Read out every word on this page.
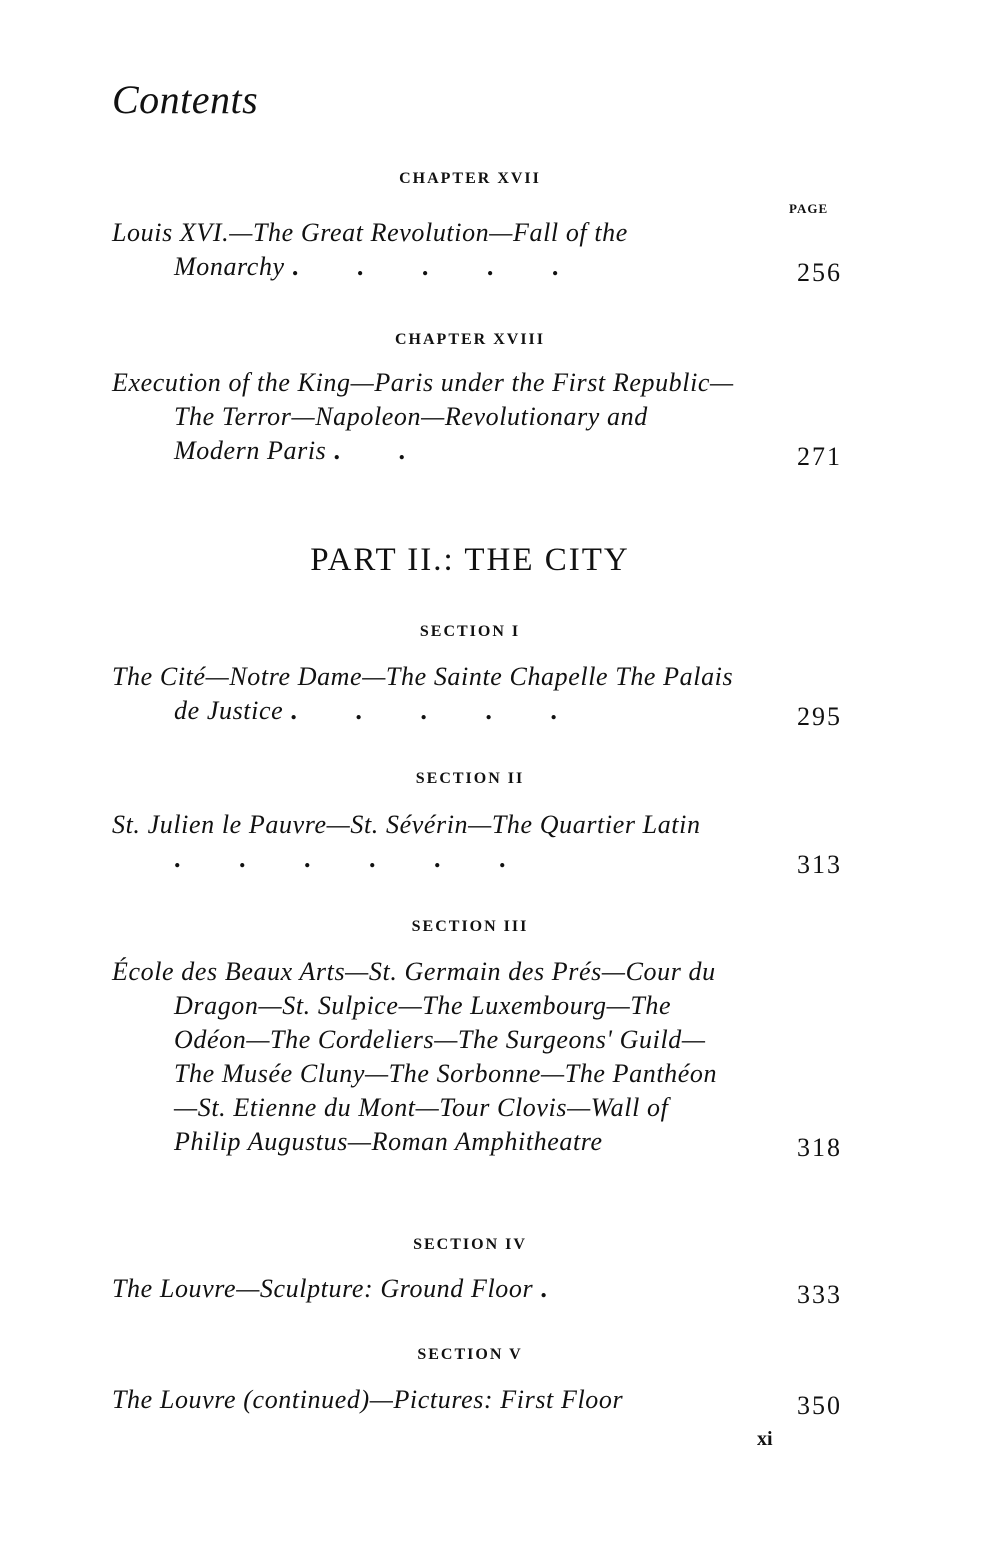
Contents
CHAPTER XVII
PAGE
Louis XVI.—The Great Revolution—Fall of the Monarchy . . . . .	256
CHAPTER XVIII
Execution of the King—Paris under the First Republic—The Terror—Napoleon—Revolutionary and Modern Paris . .	271
PART II.: THE CITY
SECTION I
The Cité—Notre Dame—The Sainte Chapelle The Palais de Justice . . . . .	295
SECTION II
St. Julien le Pauvre—St. Sévérin—The Quartier Latin . . . . . .	313
SECTION III
École des Beaux Arts—St. Germain des Prés—Cour du Dragon—St. Sulpice—The Luxembourg—The Odéon—The Cordeliers—The Surgeons' Guild—The Musée Cluny—The Sorbonne—The Panthéon—St. Etienne du Mont—Tour Clovis—Wall of Philip Augustus—Roman Amphitheatre	318
SECTION IV
The Louvre—Sculpture: Ground Floor .	333
SECTION V
The Louvre (continued)—Pictures: First Floor	350
xi
